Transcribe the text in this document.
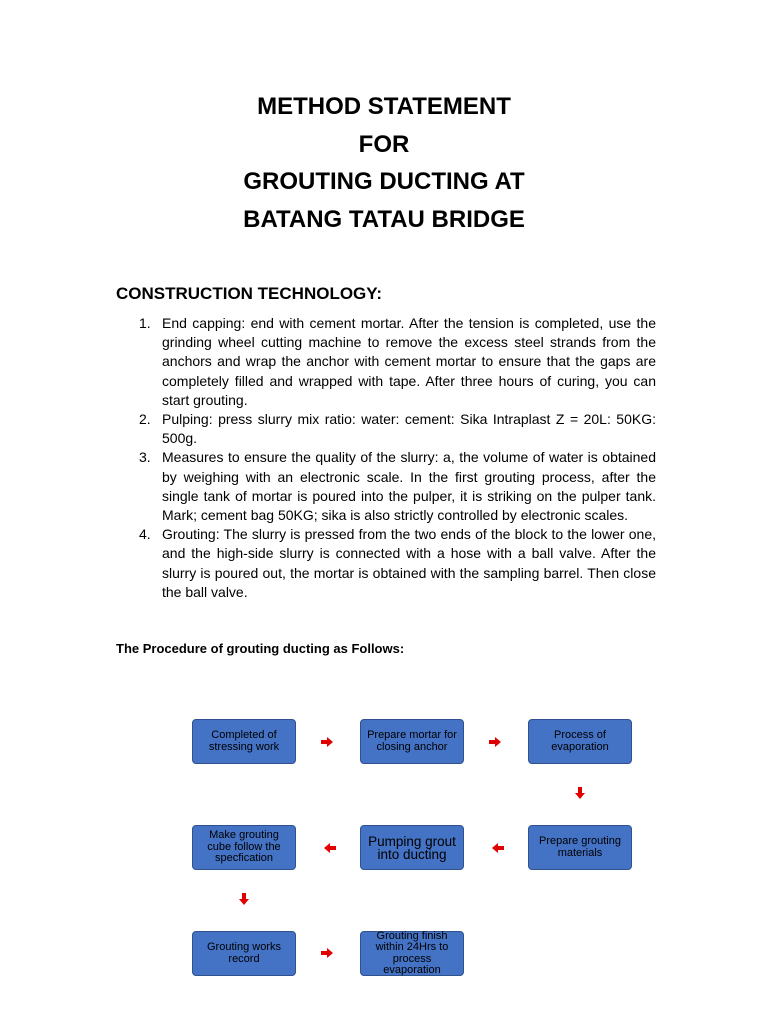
METHOD STATEMENT
FOR
GROUTING DUCTING AT
BATANG TATAU BRIDGE
CONSTRUCTION TECHNOLOGY:
1. End capping: end with cement mortar. After the tension is completed, use the grinding wheel cutting machine to remove the excess steel strands from the anchors and wrap the anchor with cement mortar to ensure that the gaps are completely filled and wrapped with tape. After three hours of curing, you can start grouting.
2. Pulping: press slurry mix ratio: water: cement: Sika Intraplast Z = 20L: 50KG: 500g.
3. Measures to ensure the quality of the slurry: a, the volume of water is obtained by weighing with an electronic scale. In the first grouting process, after the single tank of mortar is poured into the pulper, it is striking on the pulper tank. Mark; cement bag 50KG; sika is also strictly controlled by electronic scales.
4. Grouting: The slurry is pressed from the two ends of the block to the lower one, and the high-side slurry is connected with a hose with a ball valve. After the slurry is poured out, the mortar is obtained with the sampling barrel. Then close the ball valve.
The Procedure of grouting ducting as Follows:
Completed of stressing work
Prepare mortar for closing anchor
Process of evaporation
Make grouting cube follow the specfication
Pumping grout into ducting
Prepare grouting materials
Grouting works record
Grouting finish within 24Hrs to process evaporation
